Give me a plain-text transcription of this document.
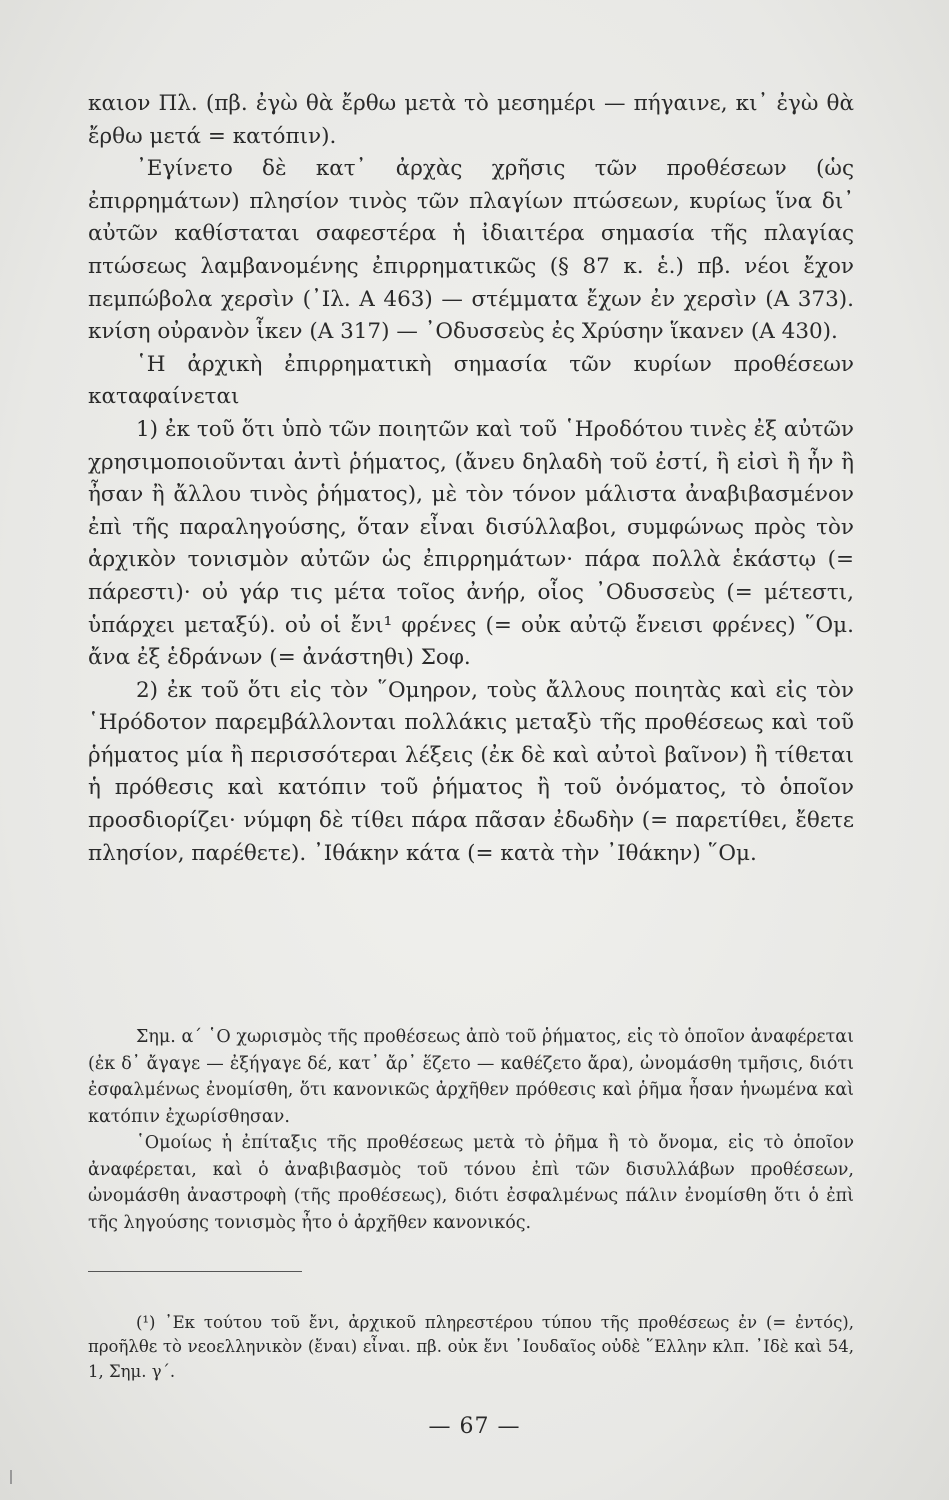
καιον Πλ. (πβ. ἐγὼ θὰ ἔρθω μετὰ τὸ μεσημέρι — πήγαινε, κι᾽ ἐγὼ θὰ ἔρθω μετά = κατόπιν).

᾽Εγίνετο δὲ κατ᾽ ἀρχὰς χρῆσις τῶν προθέσεων (ὡς ἐπιρρημάτων) πλησίον τινὸς τῶν πλαγίων πτώσεων, κυρίως ἵνα δι᾽ αὐτῶν καθίσταται σαφεστέρα ἡ ἰδιαιτέρα σημασία τῆς πλαγίας πτώσεως λαμβανομένης ἐπιρρηματικῶς (§ 87 κ. ἑ.) πβ. νέοι ἔχον πεμπώβολα χερσὶν (᾽Ιλ. Α 463) — στέμματα ἔχων ἐν χερσὶν (Α 373). κνίση οὐρανὸν ἷκεν (Α 317) — ᾽Οδυσσεὺς ἐς Χρύσην ἵκανεν (Α 430).

῾Η ἀρχικὴ ἐπιρρηματικὴ σημασία τῶν κυρίων προθέσεων καταφαίνεται

1) ἐκ τοῦ ὅτι ὑπὸ τῶν ποιητῶν καὶ τοῦ ῾Ηροδότου τινὲς ἐξ αὐτῶν χρησιμοποιοῦνται ἀντὶ ῥήματος, (ἄνευ δηλαδὴ τοῦ ἐστί, ἢ εἰσὶ ἢ ἦν ἢ ἦσαν ἢ ἄλλου τινὸς ῥήματος), μὲ τὸν τόνον μάλιστα ἀναβιβασμένον ἐπὶ τῆς παραληγούσης, ὅταν εἶναι δισύλλαβοι, συμφώνως πρὸς τὸν ἀρχικὸν τονισμὸν αὐτῶν ὡς ἐπιρρημάτων· πάρα πολλὰ ἑκάστῳ (= πάρεστι)· οὐ γάρ τις μέτα τοῖος ἀνήρ, οἷος ᾽Οδυσσεὺς (= μέτεστι, ὑπάρχει μεταξύ). οὐ οἱ ἔνι¹ φρένες (= οὐκ αὐτῷ ἔνεισι φρένες) ῞Ομ. ἄνα ἐξ ἑδράνων (= ἀνάστηθι) Σοφ.

2) ἐκ τοῦ ὅτι εἰς τὸν ῞Ομηρον, τοὺς ἄλλους ποιητὰς καὶ εἰς τὸν ῾Ηρόδοτον παρεμβάλλονται πολλάκις μεταξὺ τῆς προθέσεως καὶ τοῦ ῥήματος μία ἢ περισσότεραι λέξεις (ἐκ δὲ καὶ αὐτοὶ βαῖνον) ἢ τίθεται ἡ πρόθεσις καὶ κατόπιν τοῦ ῥήματος ἢ τοῦ ὀνόματος, τὸ ὁποῖον προσδιορίζει· νύμφη δὲ τίθει πάρα πᾶσαν ἐδωδὴν (= παρετίθει, ἔθετε πλησίον, παρέθετε). ᾽Ιθάκην κάτα (= κατὰ τὴν ᾽Ιθάκην) ῞Ομ.

Σημ. α΄ ῾Ο χωρισμὸς τῆς προθέσεως ἀπὸ τοῦ ῥήματος, εἰς τὸ ὁποῖον ἀναφέρεται (ἐκ δ᾽ ἄγαγε — ἐξήγαγε δέ, κατ᾽ ἄρ᾽ ἕζετο — καθέζετο ἄρα), ὠνομάσθη τμῆσις, διότι ἐσφαλμένως ἐνομίσθη, ὅτι κανονικῶς ἀρχῆθεν πρόθεσις καὶ ῥῆμα ἦσαν ἡνωμένα καὶ κατόπιν ἐχωρίσθησαν.

῾Ομοίως ἡ ἐπίταξις τῆς προθέσεως μετὰ τὸ ῥῆμα ἢ τὸ ὄνομα, εἰς τὸ ὁποῖον ἀναφέρεται, καὶ ὁ ἀναβιβασμὸς τοῦ τόνου ἐπὶ τῶν δισυλλάβων προθέσεων, ὠνομάσθη ἀναστροφὴ (τῆς προθέσεως), διότι ἐσφαλμένως πάλιν ἐνομίσθη ὅτι ὁ ἐπὶ τῆς ληγούσης τονισμὸς ἦτο ὁ ἀρχῆθεν κανονικός.

(¹) ᾽Εκ τούτου τοῦ ἔνι, ἀρχικοῦ πληρεστέρου τύπου τῆς προθέσεως ἐν (= ἐντός), προῆλθε τὸ νεοελληνικὸν (ἔναι) εἶναι. πβ. οὐκ ἔνι ᾽Ιουδαῖος οὐδὲ ῞Ελλην κλπ. ᾽Ιδὲ καὶ 54, 1, Σημ. γ΄.

— 67 —
